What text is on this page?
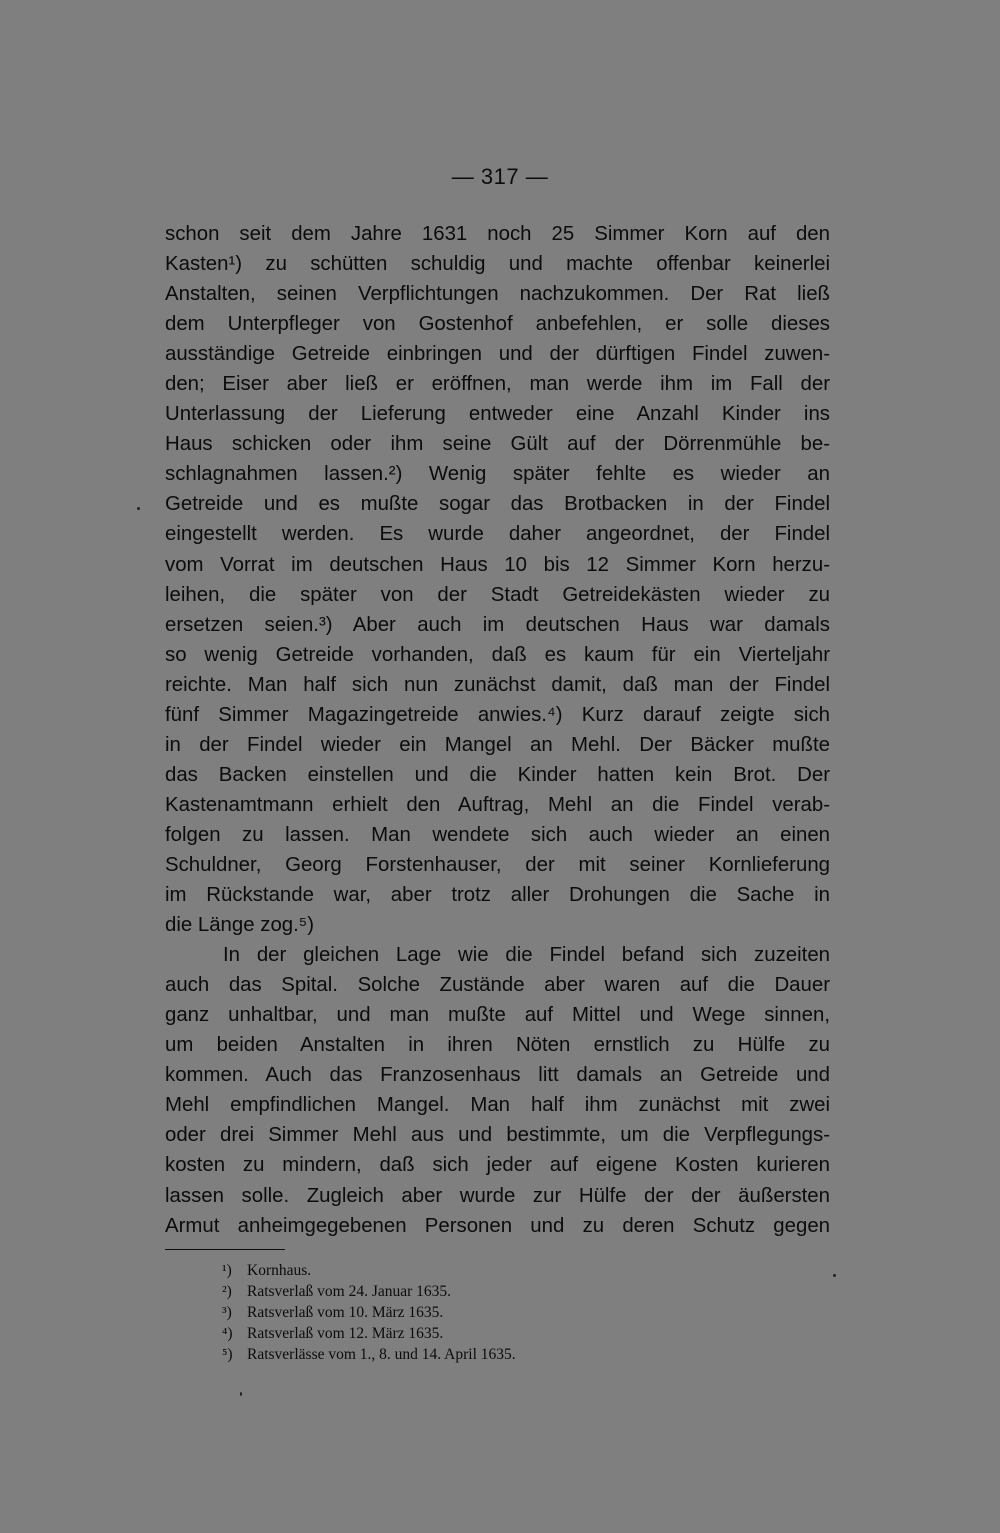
— 317 —
schon seit dem Jahre 1631 noch 25 Simmer Korn auf den
Kasten¹) zu schütten schuldig und machte offenbar keinerlei
Anstalten, seinen Verpflichtungen nachzukommen. Der Rat ließ
dem Unterpfleger von Gostenhof anbefehlen, er solle dieses
ausständige Getreide einbringen und der dürftigen Findel zuwen-
den; Eiser aber ließ er eröffnen, man werde ihm im Fall der
Unterlassung der Lieferung entweder eine Anzahl Kinder ins
Haus schicken oder ihm seine Gült auf der Dörrenmühle be-
schlagnahmen lassen.²) Wenig später fehlte es wieder an
Getreide und es mußte sogar das Brotbacken in der Findel
eingestellt werden. Es wurde daher angeordnet, der Findel
vom Vorrat im deutschen Haus 10 bis 12 Simmer Korn herzu-
leihen, die später von der Stadt Getreidekästen wieder zu
ersetzen seien.³) Aber auch im deutschen Haus war damals
so wenig Getreide vorhanden, daß es kaum für ein Vierteljahr
reichte. Man half sich nun zunächst damit, daß man der Findel
fünf Simmer Magazingetreide anwies.⁴) Kurz darauf zeigte sich
in der Findel wieder ein Mangel an Mehl. Der Bäcker mußte
das Backen einstellen und die Kinder hatten kein Brot. Der
Kastenamtmann erhielt den Auftrag, Mehl an die Findel verab-
folgen zu lassen. Man wendete sich auch wieder an einen
Schuldner, Georg Forstenhauser, der mit seiner Kornlieferung
im Rückstande war, aber trotz aller Drohungen die Sache in
die Länge zog.⁵)
In der gleichen Lage wie die Findel befand sich zuzeiten
auch das Spital. Solche Zustände aber waren auf die Dauer
ganz unhaltbar, und man mußte auf Mittel und Wege sinnen,
um beiden Anstalten in ihren Nöten ernstlich zu Hülfe zu
kommen. Auch das Franzosenhaus litt damals an Getreide und
Mehl empfindlichen Mangel. Man half ihm zunächst mit zwei
oder drei Simmer Mehl aus und bestimmte, um die Verpflegungs-
kosten zu mindern, daß sich jeder auf eigene Kosten kurieren
lassen solle. Zugleich aber wurde zur Hülfe der der äußersten
Armut anheimgegebenen Personen und zu deren Schutz gegen
¹) Kornhaus.
²) Ratsverlaß vom 24. Januar 1635.
³) Ratsverlaß vom 10. März 1635.
⁴) Ratsverlaß vom 12. März 1635.
⁵) Ratsverlässe vom 1., 8. und 14. April 1635.
